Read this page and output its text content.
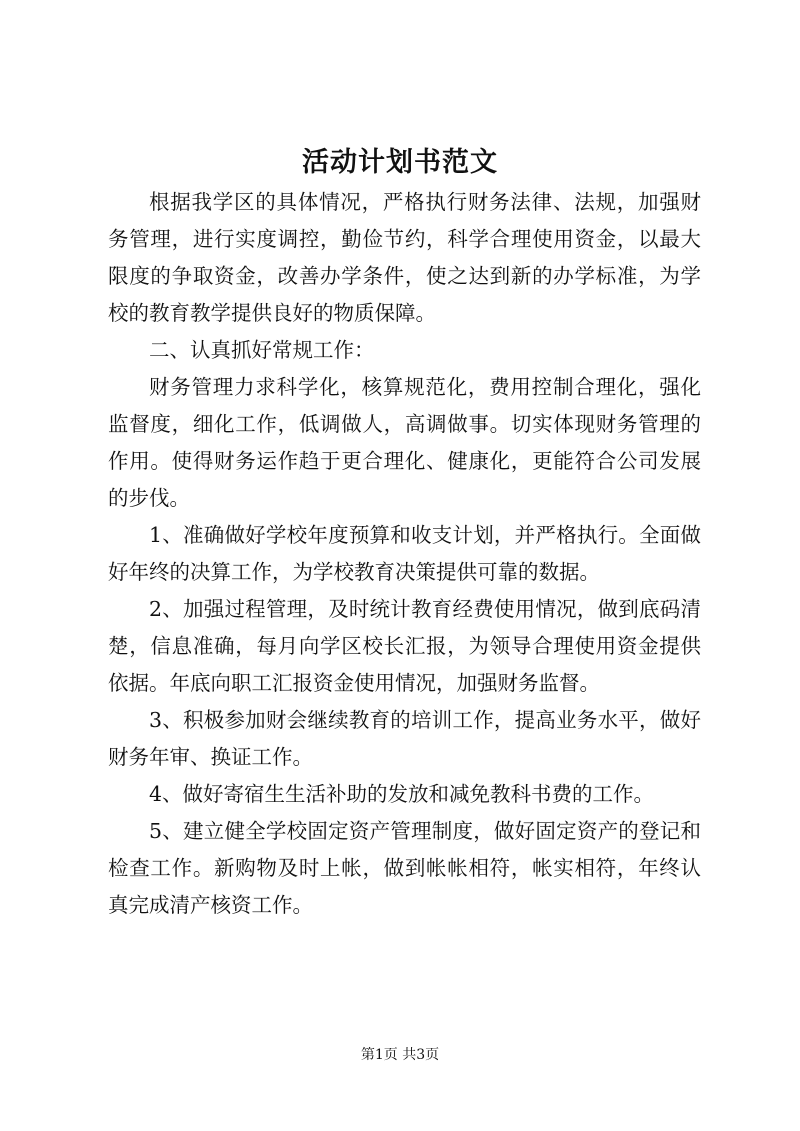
活动计划书范文

根据我学区的具体情况，严格执行财务法律、法规，加强财务管理，进行实度调控，勤俭节约，科学合理使用资金，以最大限度的争取资金，改善办学条件，使之达到新的办学标准，为学校的教育教学提供良好的物质保障。

二、认真抓好常规工作：

财务管理力求科学化，核算规范化，费用控制合理化，强化监督度，细化工作，低调做人，高调做事。切实体现财务管理的作用。使得财务运作趋于更合理化、健康化，更能符合公司发展的步伐。

1、准确做好学校年度预算和收支计划，并严格执行。全面做好年终的决算工作，为学校教育决策提供可靠的数据。

2、加强过程管理，及时统计教育经费使用情况，做到底码清楚，信息准确，每月向学区校长汇报，为领导合理使用资金提供依据。年底向职工汇报资金使用情况，加强财务监督。

3、积极参加财会继续教育的培训工作，提高业务水平，做好财务年审、换证工作。

4、做好寄宿生生活补助的发放和减免教科书费的工作。

5、建立健全学校固定资产管理制度，做好固定资产的登记和检查工作。新购物及时上帐，做到帐帐相符，帐实相符，年终认真完成清产核资工作。

第1页 共3页
